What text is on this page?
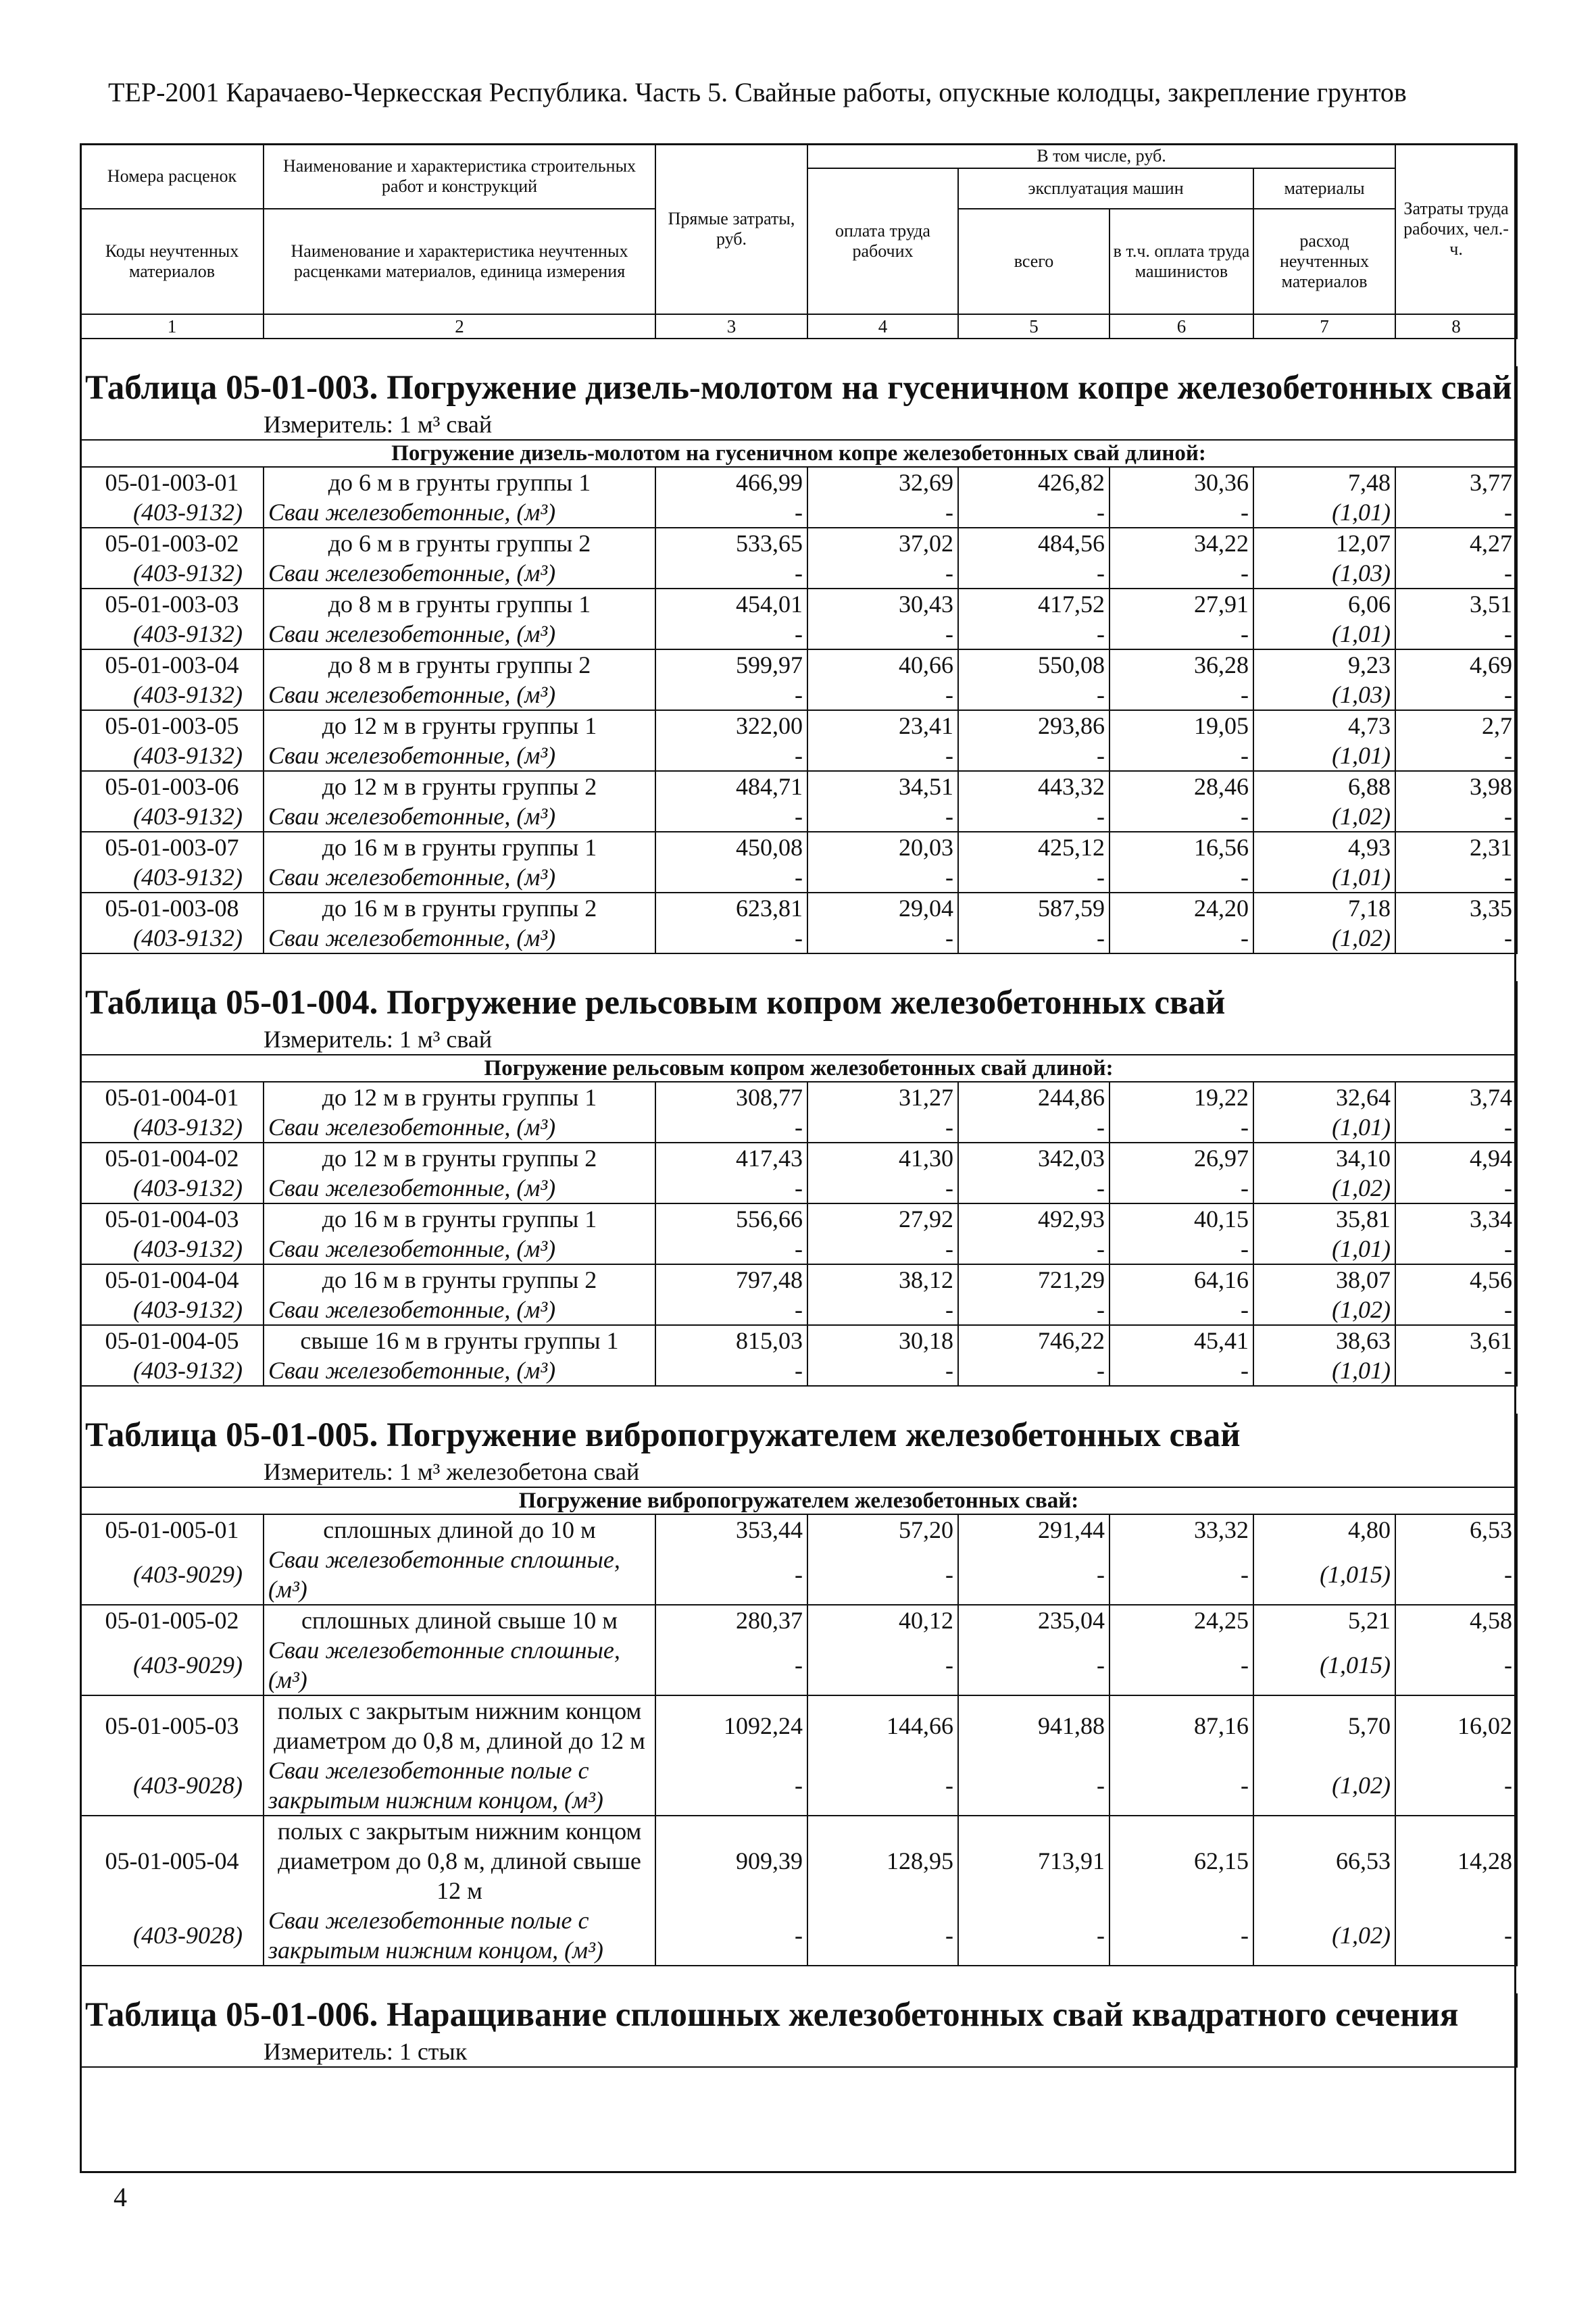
ТЕР-2001 Карачаево-Черкесская Республика. Часть 5. Свайные работы, опускные колодцы, закрепление грунтов
Номера расценок	Наименование и характеристика строительных работ и конструкций	Прямые затраты, руб.	В том числе, руб.				Затраты труда рабочих, чел.-ч.
			оплата труда рабочих	эксплуатация машин		материалы	
Коды неучтенных материалов	Наименование и характеристика неучтенных расценками материалов, единица измерения			всего	в т.ч. оплата труда машинистов	расход неучтенных материалов	

1	2	3	4	5	6	7	8

Таблица 05-01-003. Погружение дизель-молотом на гусеничном копре железобетонных свай							
Измеритель: 1 м³ свай							
Погружение дизель-молотом на гусеничном копре железобетонных свай длиной:							
05-01-003-01	до 6 м в грунты группы 1	466,99	32,69	426,82	30,36	7,48	3,77
(403-9132)	Сваи железобетонные, (м³)	-	-	-	-	(1,01)	-
05-01-003-02	до 6 м в грунты группы 2	533,65	37,02	484,56	34,22	12,07	4,27
(403-9132)	Сваи железобетонные, (м³)	-	-	-	-	(1,03)	-
05-01-003-03	до 8 м в грунты группы 1	454,01	30,43	417,52	27,91	6,06	3,51
(403-9132)	Сваи железобетонные, (м³)	-	-	-	-	(1,01)	-
05-01-003-04	до 8 м в грунты группы 2	599,97	40,66	550,08	36,28	9,23	4,69
(403-9132)	Сваи железобетонные, (м³)	-	-	-	-	(1,03)	-
05-01-003-05	до 12 м в грунты группы 1	322,00	23,41	293,86	19,05	4,73	2,7
(403-9132)	Сваи железобетонные, (м³)	-	-	-	-	(1,01)	-
05-01-003-06	до 12 м в грунты группы 2	484,71	34,51	443,32	28,46	6,88	3,98
(403-9132)	Сваи железобетонные, (м³)	-	-	-	-	(1,02)	-
05-01-003-07	до 16 м в грунты группы 1	450,08	20,03	425,12	16,56	4,93	2,31
(403-9132)	Сваи железобетонные, (м³)	-	-	-	-	(1,01)	-
05-01-003-08	до 16 м в грунты группы 2	623,81	29,04	587,59	24,20	7,18	3,35
(403-9132)	Сваи железобетонные, (м³)	-	-	-	-	(1,02)	-

Таблица 05-01-004. Погружение рельсовым копром железобетонных свай							
Измеритель: 1 м³ свай							
Погружение рельсовым копром железобетонных свай длиной:							
05-01-004-01	до 12 м в грунты группы 1	308,77	31,27	244,86	19,22	32,64	3,74
(403-9132)	Сваи железобетонные, (м³)	-	-	-	-	(1,01)	-
05-01-004-02	до 12 м в грунты группы 2	417,43	41,30	342,03	26,97	34,10	4,94
(403-9132)	Сваи железобетонные, (м³)	-	-	-	-	(1,02)	-
05-01-004-03	до 16 м в грунты группы 1	556,66	27,92	492,93	40,15	35,81	3,34
(403-9132)	Сваи железобетонные, (м³)	-	-	-	-	(1,01)	-
05-01-004-04	до 16 м в грунты группы 2	797,48	38,12	721,29	64,16	38,07	4,56
(403-9132)	Сваи железобетонные, (м³)	-	-	-	-	(1,02)	-
05-01-004-05	свыше 16 м в грунты группы 1	815,03	30,18	746,22	45,41	38,63	3,61
(403-9132)	Сваи железобетонные, (м³)	-	-	-	-	(1,01)	-

Таблица 05-01-005. Погружение вибропогружателем железобетонных свай							
Измеритель: 1 м³ железобетона свай							
Погружение вибропогружателем железобетонных свай:							
05-01-005-01	сплошных длиной до 10 м	353,44	57,20	291,44	33,32	4,80	6,53
(403-9029)	Сваи железобетонные сплошные, (м³)	-	-	-	-	(1,015)	-
05-01-005-02	сплошных длиной свыше 10 м	280,37	40,12	235,04	24,25	5,21	4,58
(403-9029)	Сваи железобетонные сплошные, (м³)	-	-	-	-	(1,015)	-
05-01-005-03	полых с закрытым нижним концом диаметром до 0,8 м, длиной до 12 м	1092,24	144,66	941,88	87,16	5,70	16,02
(403-9028)	Сваи железобетонные полые с закрытым нижним концом, (м³)	-	-	-	-	(1,02)	-
05-01-005-04	полых с закрытым нижним концом диаметром до 0,8 м, длиной свыше 12 м	909,39	128,95	713,91	62,15	66,53	14,28
(403-9028)	Сваи железобетонные полые с закрытым нижним концом, (м³)	-	-	-	-	(1,02)	-

Таблица 05-01-006. Наращивание сплошных железобетонных свай квадратного сечения							
Измеритель: 1 стык							
4
